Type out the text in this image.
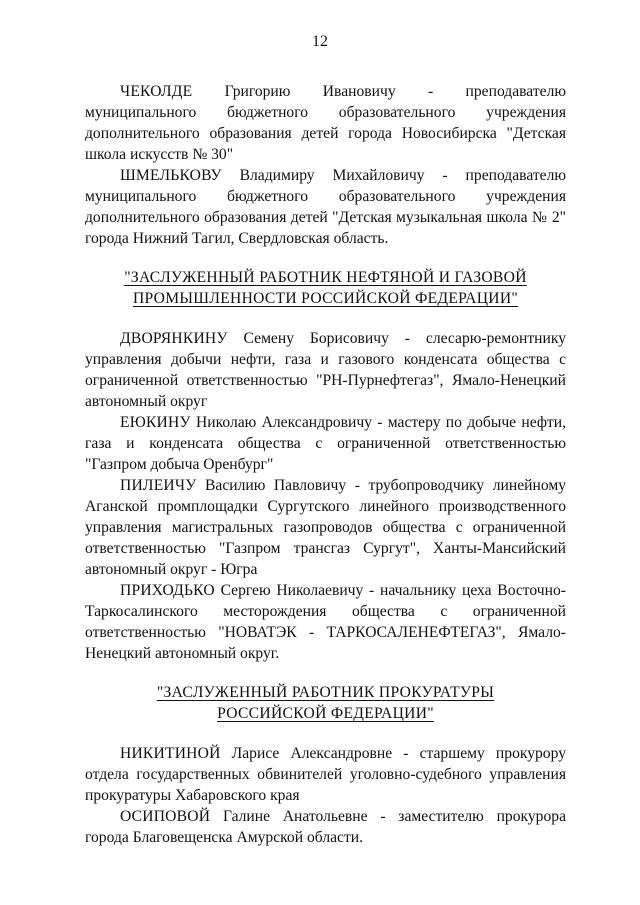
12

ЧЕКОЛДЕ Григорию Ивановичу - преподавателю муниципального бюджетного образовательного учреждения дополнительного образования детей города Новосибирска "Детская школа искусств № 30"

ШМЕЛЬКОВУ Владимиру Михайловичу - преподавателю муниципального бюджетного образовательного учреждения дополнительного образования детей "Детская музыкальная школа № 2" города Нижний Тагил, Свердловская область.

"ЗАСЛУЖЕННЫЙ РАБОТНИК НЕФТЯНОЙ И ГАЗОВОЙ
ПРОМЫШЛЕННОСТИ РОССИЙСКОЙ ФЕДЕРАЦИИ"

ДВОРЯНКИНУ Семену Борисовичу - слесарю-ремонтнику управления добычи нефти, газа и газового конденсата общества с ограниченной ответственностью "РН-Пурнефтегаз", Ямало-Ненецкий автономный округ

ЕЮКИНУ Николаю Александровичу - мастеру по добыче нефти, газа и конденсата общества с ограниченной ответственностью "Газпром добыча Оренбург"

ПИЛЕИЧУ Василию Павловичу - трубопроводчику линейному Аганской промплощадки Сургутского линейного производственного управления магистральных газопроводов общества с ограниченной ответственностью "Газпром трансгаз Сургут", Ханты-Мансийский автономный округ - Югра

ПРИХОДЬКО Сергею Николаевичу - начальнику цеха Восточно-Таркосалинского месторождения общества с ограниченной ответственностью "НОВАТЭК - ТАРКОСАЛЕНЕФТЕГАЗ", Ямало-Ненецкий автономный округ.

"ЗАСЛУЖЕННЫЙ РАБОТНИК ПРОКУРАТУРЫ
РОССИЙСКОЙ ФЕДЕРАЦИИ"

НИКИТИНОЙ Ларисе Александровне - старшему прокурору отдела государственных обвинителей уголовно-судебного управления прокуратуры Хабаровского края

ОСИПОВОЙ Галине Анатольевне - заместителю прокурора города Благовещенска Амурской области.
